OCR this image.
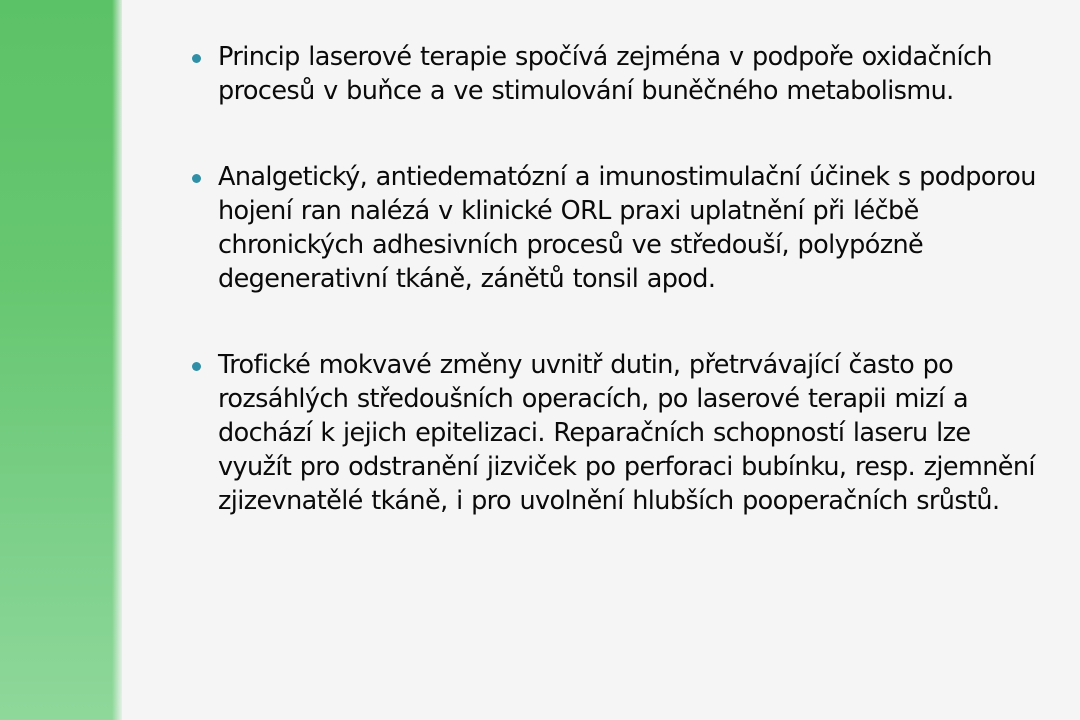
Princip laserové terapie spočívá zejména v podpoře oxidačních procesů v buňce a ve stimulování buněčného metabolismu.
Analgetický, antiedematózní a imunostimulační účinek s podporou hojení ran nalézá v klinické ORL praxi uplatnění při léčbě chronických adhesivních procesů ve středouší, polypózně degenerativní tkáně, zánětů tonsil apod.
Trofické mokvavé změny uvnitř dutin, přetrvávající často po rozsáhlých středoušních operacích, po laserové terapii mizí a dochází k jejich epitelizaci. Reparačních schopností laseru lze využít pro odstranění jizviček po perforaci bubínku, resp. zjemnění zjizevnatělé tkáně, i pro uvolnění hlubších pooperačních srůstů.
